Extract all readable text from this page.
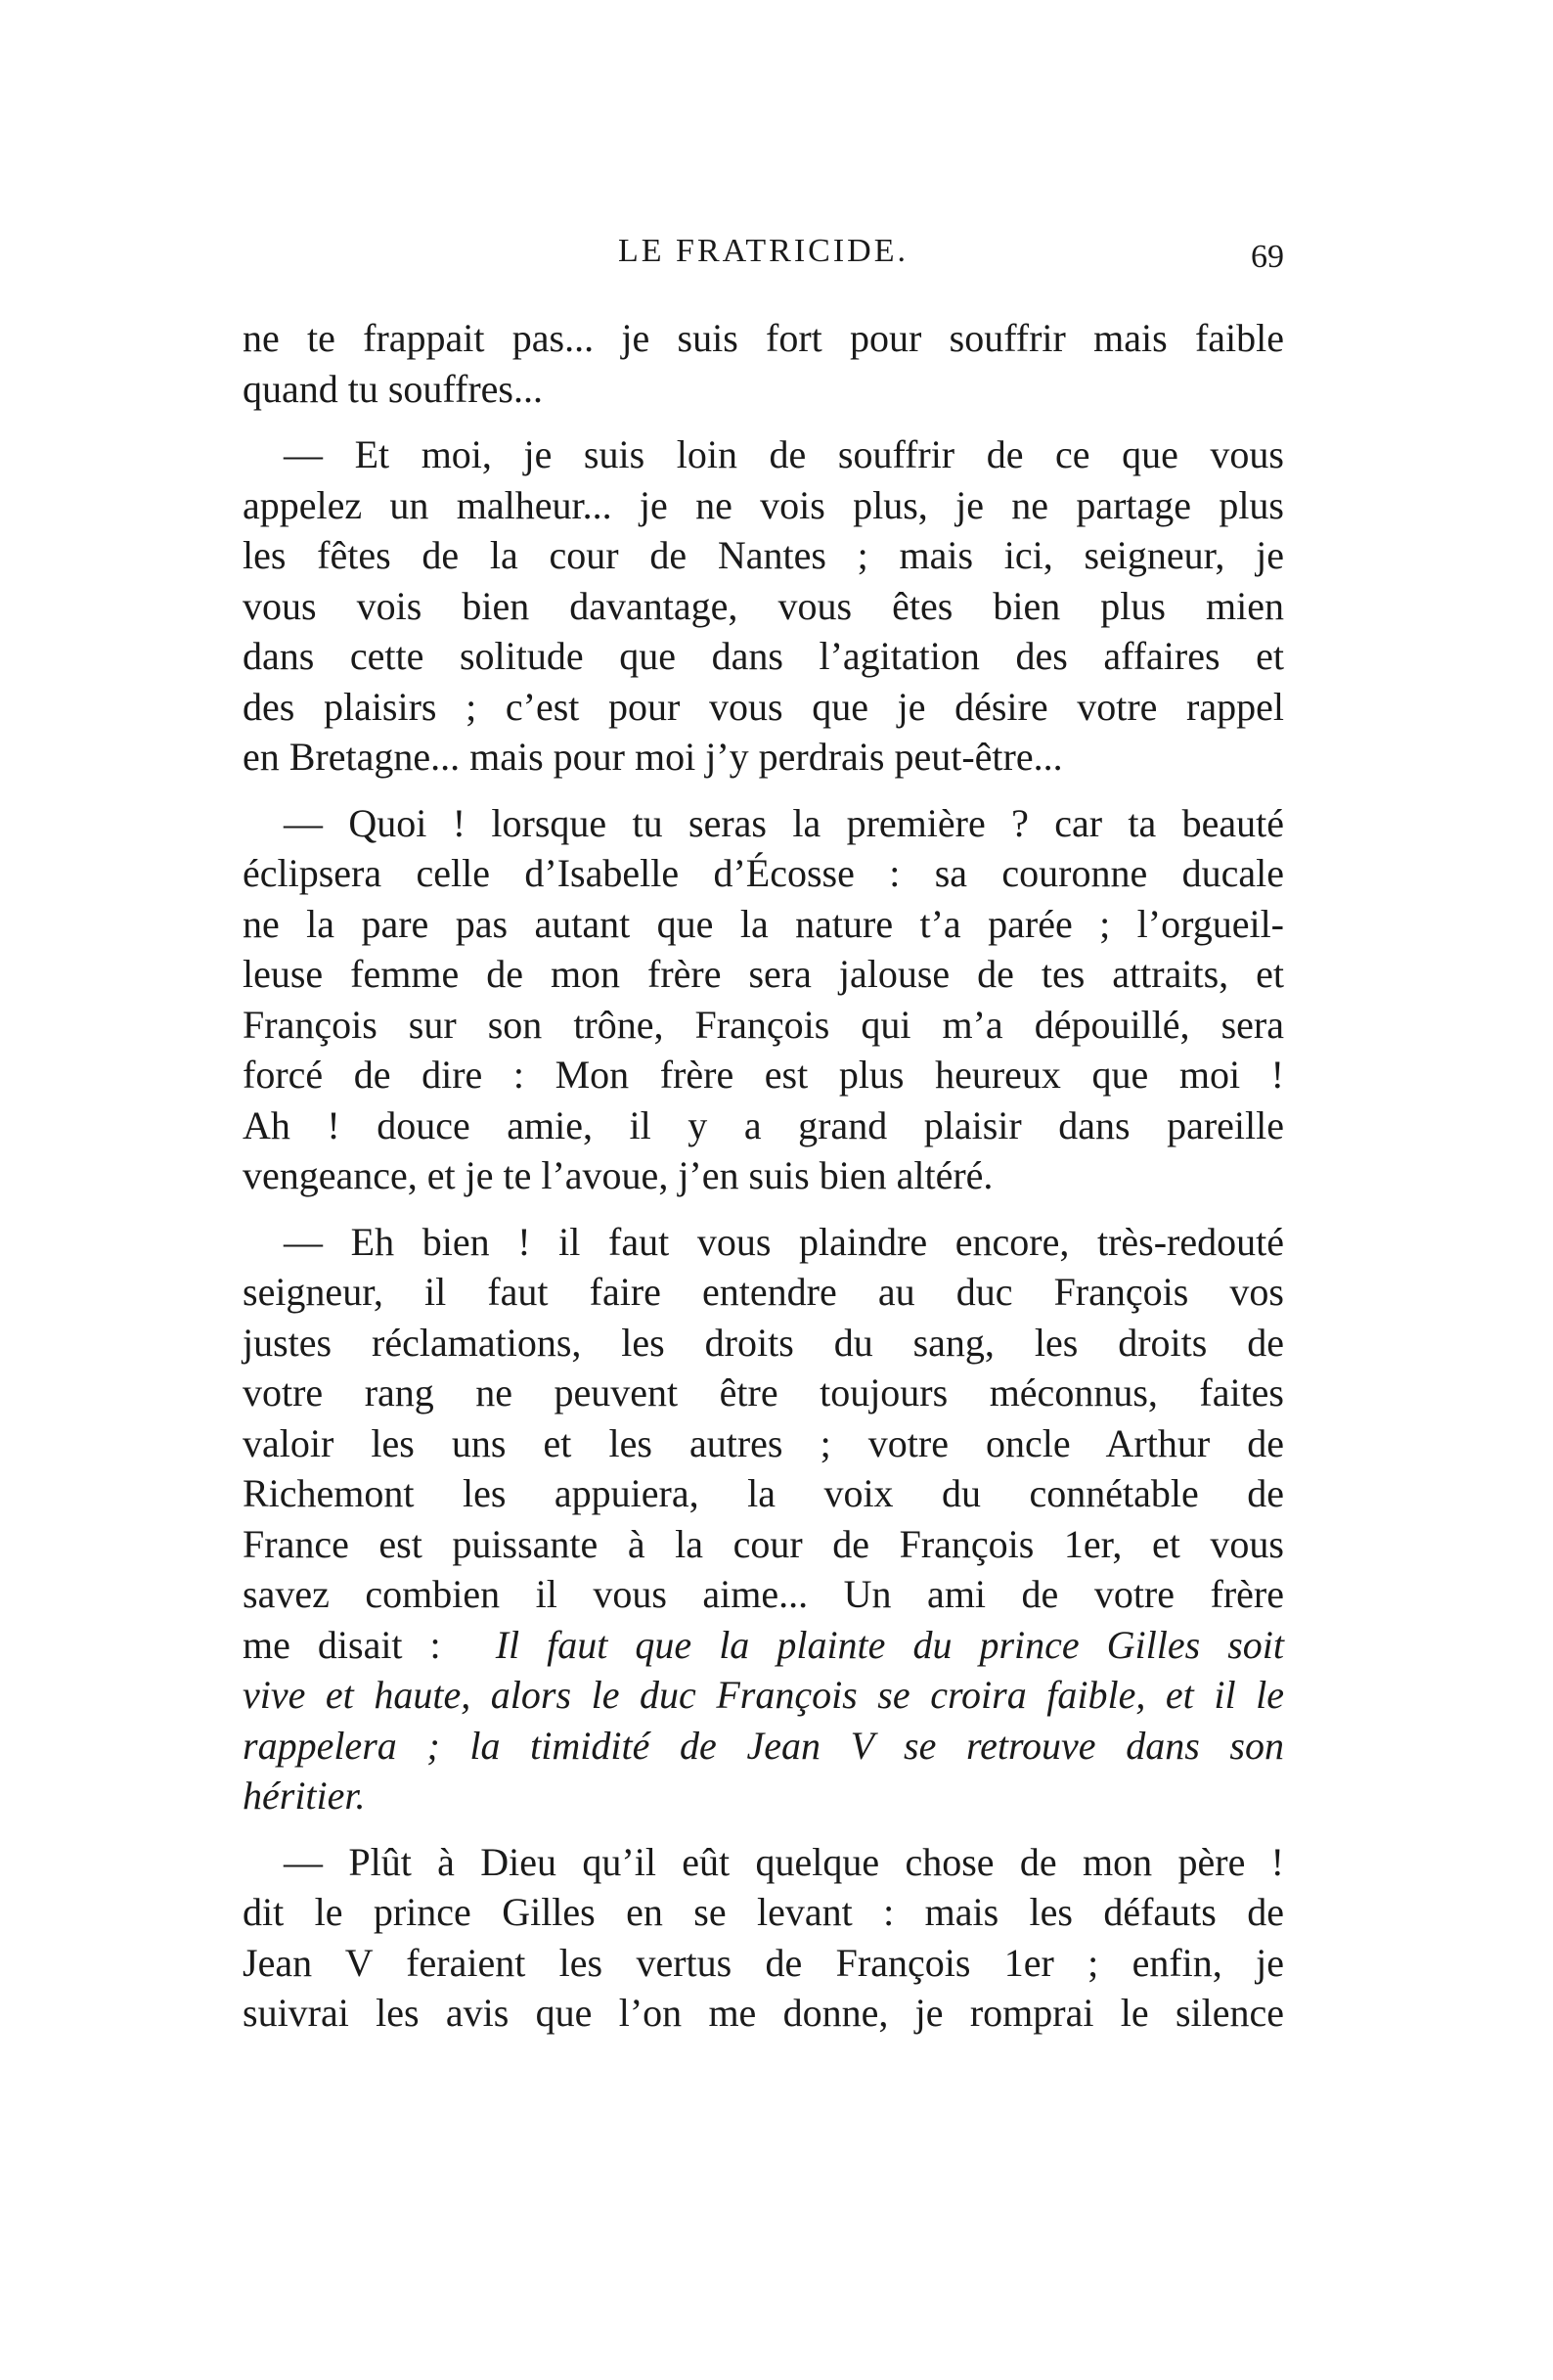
LE FRATRICIDE.	69
ne te frappait pas... je suis fort pour souffrir mais faible
quand tu souffres...
— Et moi, je suis loin de souffrir de ce que vous
appelez un malheur... je ne vois plus, je ne partage plus
les fêtes de la cour de Nantes ; mais ici, seigneur, je
vous vois bien davantage, vous êtes bien plus mien
dans cette solitude que dans l’agitation des affaires et
des plaisirs ; c’est pour vous que je désire votre rappel
en Bretagne... mais pour moi j’y perdrais peut-être...
— Quoi ! lorsque tu seras la première ? car ta beauté
éclipsera celle d’Isabelle d’Écosse : sa couronne ducale
ne la pare pas autant que la nature t’a parée ; l’orgueil-
leuse femme de mon frère sera jalouse de tes attraits, et
François sur son trône, François qui m’a dépouillé, sera
forcé de dire : Mon frère est plus heureux que moi !
Ah ! douce amie, il y a grand plaisir dans pareille
vengeance, et je te l’avoue, j’en suis bien altéré.
— Eh bien ! il faut vous plaindre encore, très-redouté
seigneur, il faut faire entendre au duc François vos
justes réclamations, les droits du sang, les droits de
votre rang ne peuvent être toujours méconnus, faites
valoir les uns et les autres ; votre oncle Arthur de
Richemont les appuiera, la voix du connétable de
France est puissante à la cour de François 1er, et vous
savez combien il vous aime... Un ami de votre frère
me disait : Il faut que la plainte du prince Gilles soit
vive et haute, alors le duc François se croira faible, et il le
rappelera ; la timidité de Jean V se retrouve dans son
héritier.
— Plût à Dieu qu’il eût quelque chose de mon père !
dit le prince Gilles en se levant : mais les défauts de
Jean V feraient les vertus de François 1er ; enfin, je
suivrai les avis que l’on me donne, je romprai le silence
